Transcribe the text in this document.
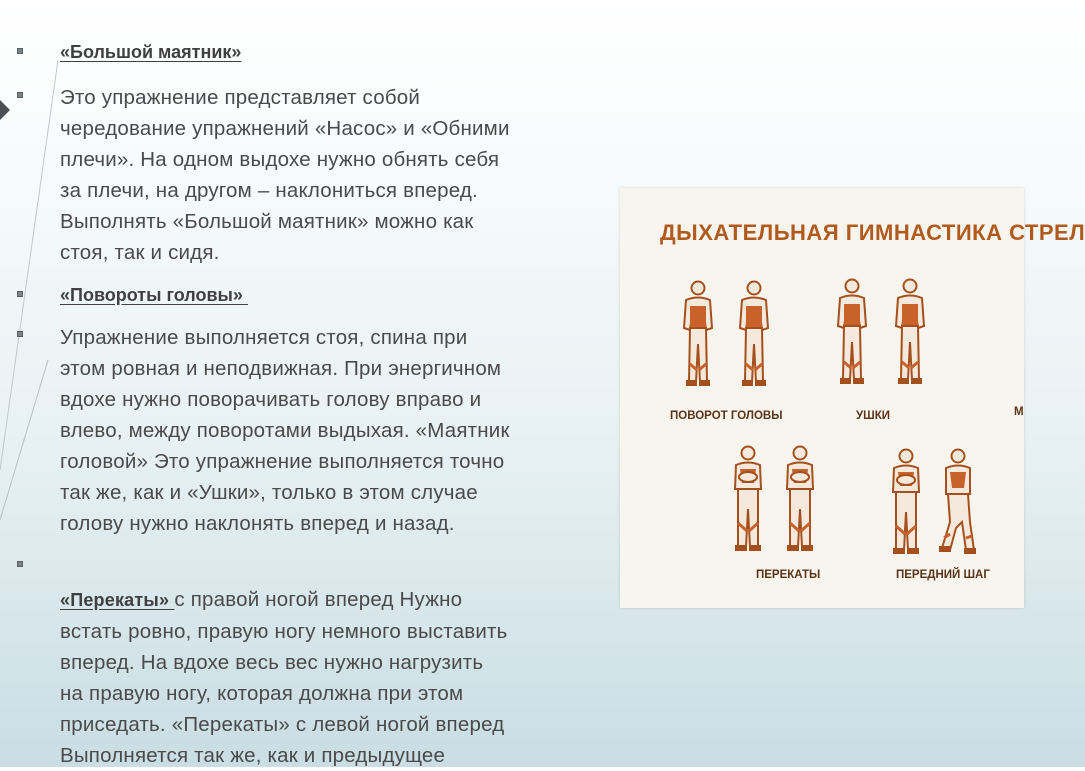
«Большой маятник»
Это упражнение представляет собой
чередование упражнений «Насос» и «Обними
плечи». На одном выдохе нужно обнять себя
за плечи, на другом – наклониться вперед.
Выполнять «Большой маятник» можно как
стоя, так и сидя.
«Повороты головы»
Упражнение выполняется стоя, спина при
этом ровная и неподвижная. При энергичном
вдохе нужно поворачивать голову вправо и
влево, между поворотами выдыхая. «Маятник
головой» Это упражнение выполняется точно
так же, как и «Ушки», только в этом случае
голову нужно наклонять вперед и назад.
«Перекаты» с правой ногой вперед Нужно
встать ровно, правую ногу немного выставить
вперед. На вдохе весь вес нужно нагрузить
на правую ногу, которая должна при этом
приседать. «Перекаты» с левой ногой вперед
Выполняется так же, как и предыдущее
ДЫХАТЕЛЬНАЯ ГИМНАСТИКА СТРЕЛ
ПОВОРОТ ГОЛОВЫ	УШКИ	М
ПЕРЕКАТЫ	ПЕРЕДНИЙ ШАГ
